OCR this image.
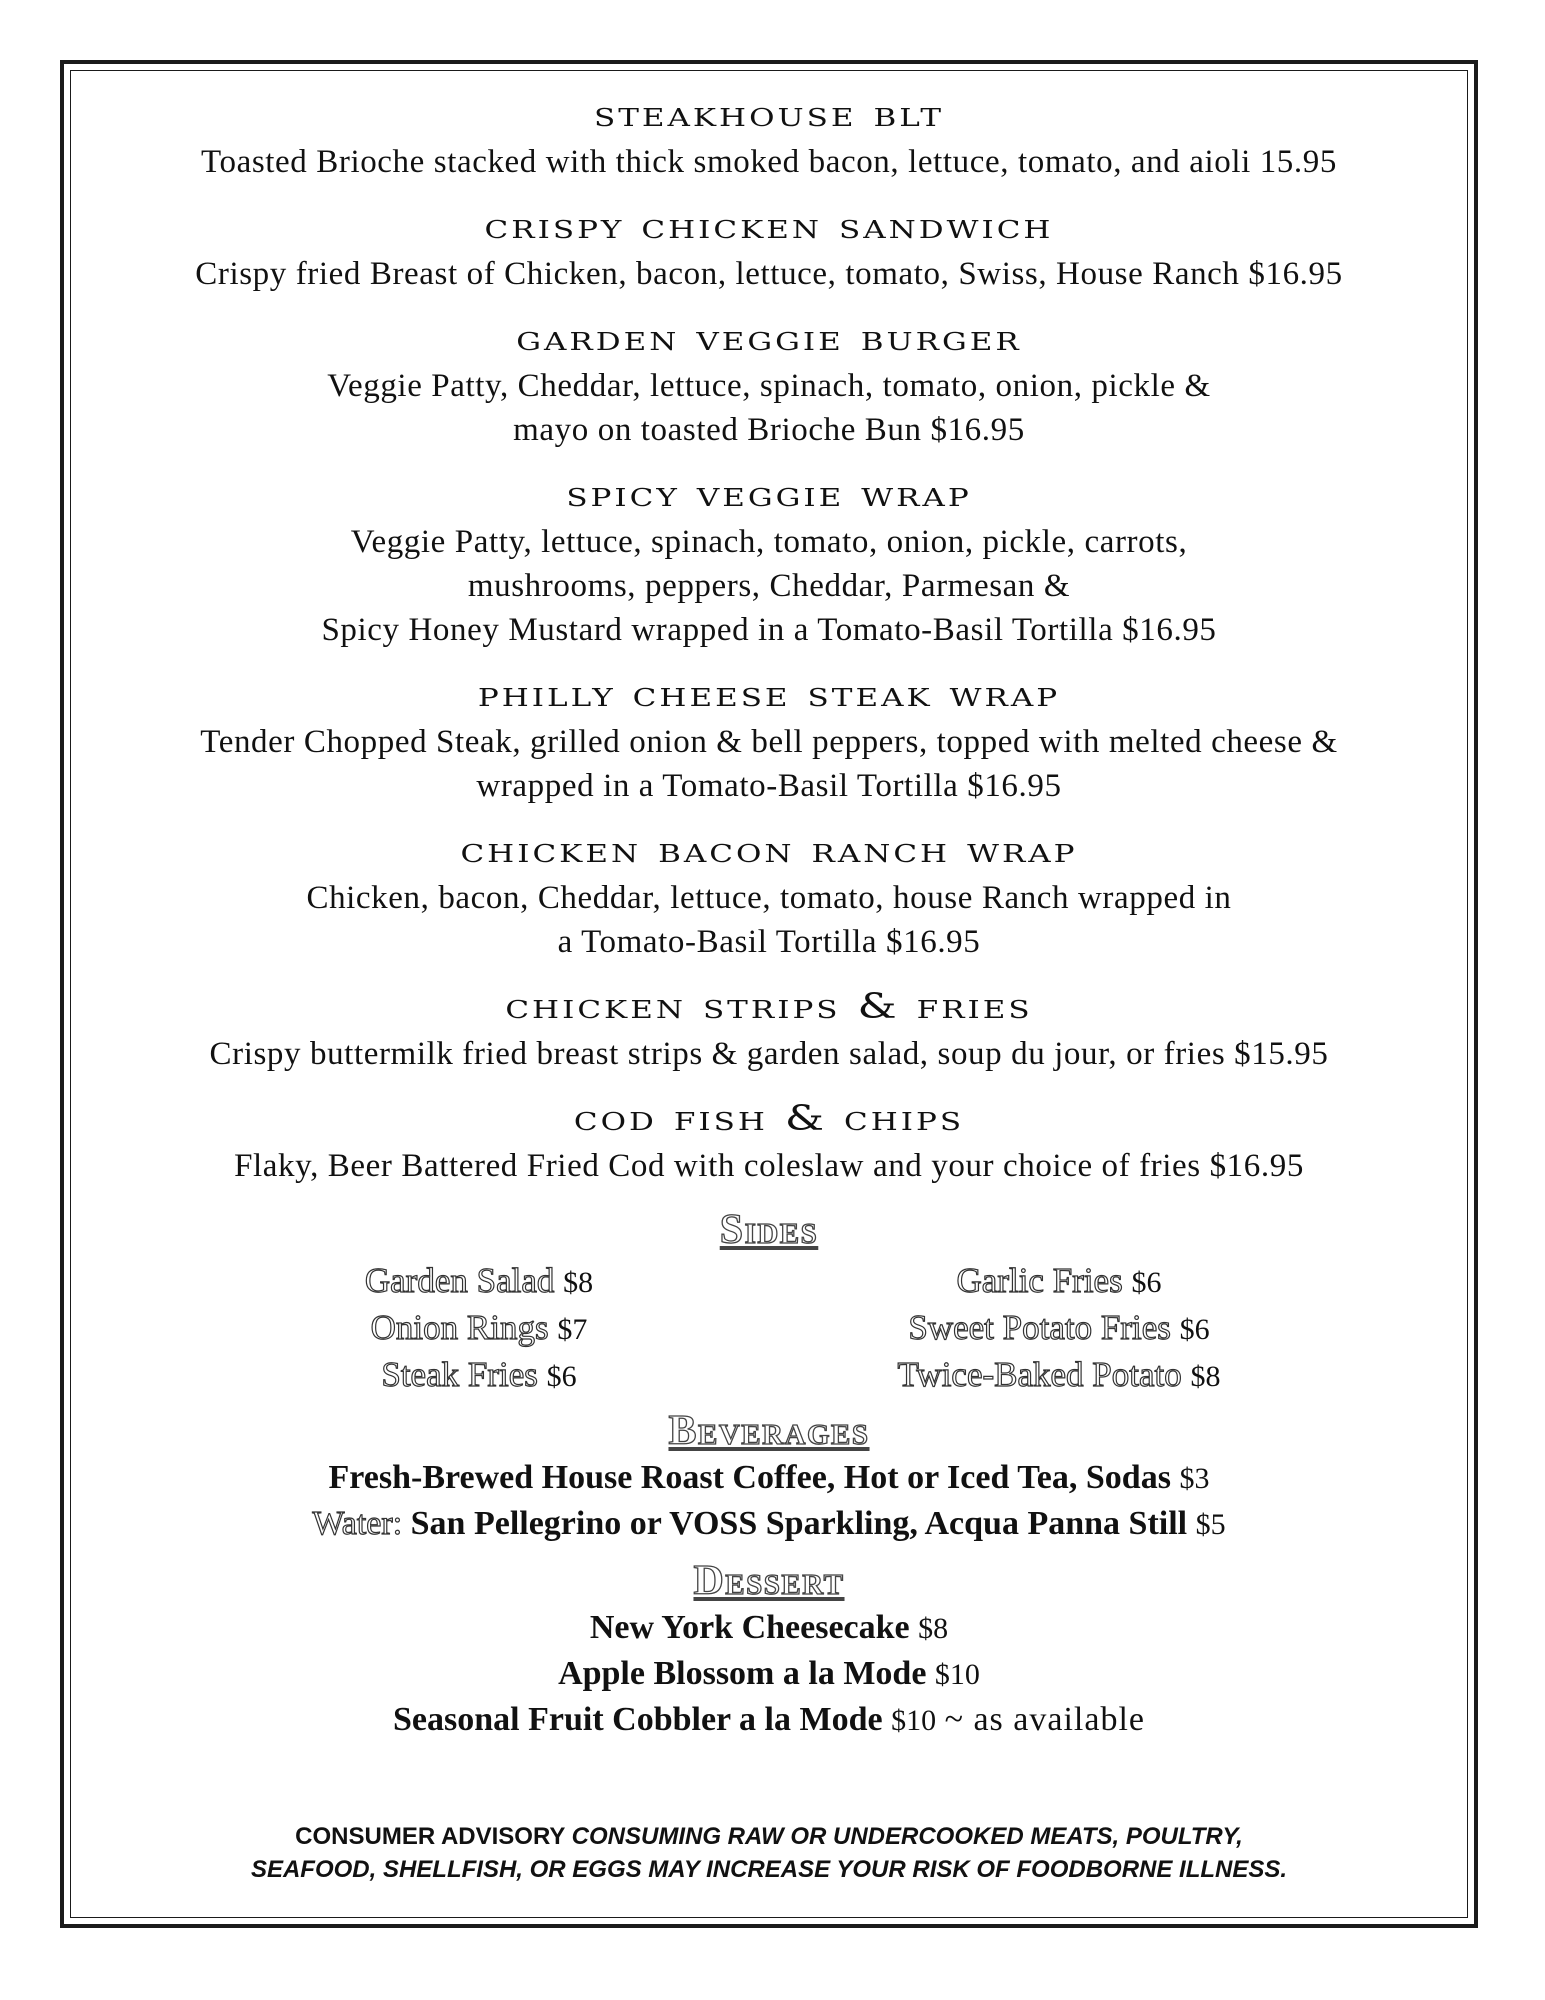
steakhouse blt

Toasted Brioche stacked with thick smoked bacon, lettuce, tomato, and aioli 15.95

crispy chicken sandwich

Crispy fried Breast of Chicken, bacon, lettuce, tomato, Swiss, House Ranch $16.95

garden veggie burger

Veggie Patty, Cheddar, lettuce, spinach, tomato, onion, pickle &
mayo on toasted Brioche Bun $16.95

spicy veggie wrap

Veggie Patty, lettuce, spinach, tomato, onion, pickle, carrots,
mushrooms, peppers, Cheddar, Parmesan &
Spicy Honey Mustard wrapped in a Tomato-Basil Tortilla $16.95

philly cheese steak wrap

Tender Chopped Steak, grilled onion & bell peppers, topped with melted cheese &
wrapped in a Tomato-Basil Tortilla $16.95

chicken bacon ranch wrap

Chicken, bacon, Cheddar, lettuce, tomato, house Ranch wrapped in
a Tomato-Basil Tortilla $16.95

chicken strips & fries

Crispy buttermilk fried breast strips & garden salad, soup du jour, or fries $15.95

cod fish & chips

Flaky, Beer Battered Fried Cod with coleslaw and your choice of fries $16.95

Sides
Garden Salad $8
Onion Rings $7
Steak Fries $6
Garlic Fries $6
Sweet Potato Fries $6
Twice-Baked Potato $8
Beverages

Fresh-Brewed House Roast Coffee, Hot or Iced Tea, Sodas $3

Water: San Pellegrino or VOSS Sparkling, Acqua Panna Still $5

Dessert

New York Cheesecake $8

Apple Blossom a la Mode $10

Seasonal Fruit Cobbler a la Mode $10 ~ as available

CONSUMER ADVISORY CONSUMING RAW OR UNDERCOOKED MEATS, POULTRY,
SEAFOOD, SHELLFISH, OR EGGS MAY INCREASE YOUR RISK OF FOODBORNE ILLNESS.
